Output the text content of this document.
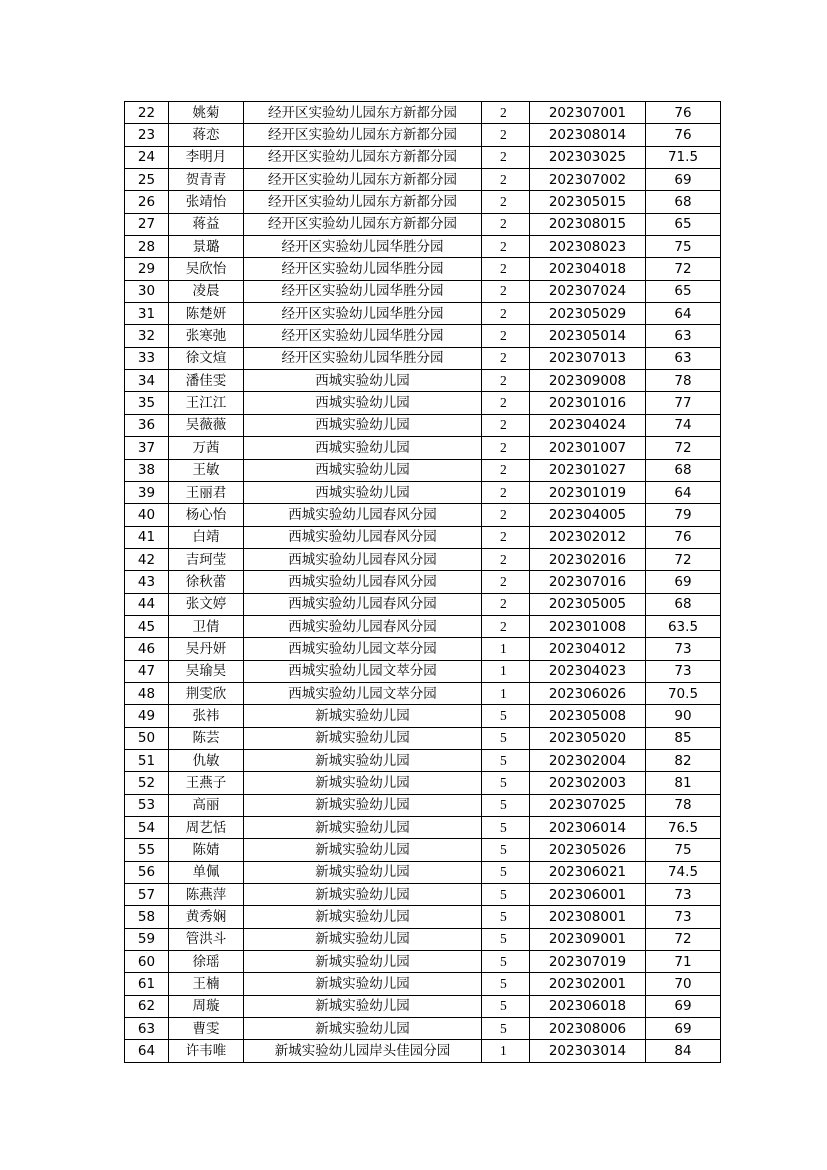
22	姚菊	经开区实验幼儿园东方新都分园	2	202307001	76
23	蒋恋	经开区实验幼儿园东方新都分园	2	202308014	76
24	李明月	经开区实验幼儿园东方新都分园	2	202303025	71.5
25	贺青青	经开区实验幼儿园东方新都分园	2	202307002	69
26	张靖怡	经开区实验幼儿园东方新都分园	2	202305015	68
27	蒋益	经开区实验幼儿园东方新都分园	2	202308015	65
28	景璐	经开区实验幼儿园华胜分园	2	202308023	75
29	吴欣怡	经开区实验幼儿园华胜分园	2	202304018	72
30	凌晨	经开区实验幼儿园华胜分园	2	202307024	65
31	陈楚妍	经开区实验幼儿园华胜分园	2	202305029	64
32	张寒弛	经开区实验幼儿园华胜分园	2	202305014	63
33	徐文煊	经开区实验幼儿园华胜分园	2	202307013	63
34	潘佳雯	西城实验幼儿园	2	202309008	78
35	王江江	西城实验幼儿园	2	202301016	77
36	吴薇薇	西城实验幼儿园	2	202304024	74
37	万茜	西城实验幼儿园	2	202301007	72
38	王敏	西城实验幼儿园	2	202301027	68
39	王丽君	西城实验幼儿园	2	202301019	64
40	杨心怡	西城实验幼儿园春风分园	2	202304005	79
41	白靖	西城实验幼儿园春风分园	2	202302012	76
42	吉珂莹	西城实验幼儿园春风分园	2	202302016	72
43	徐秋蕾	西城实验幼儿园春风分园	2	202307016	69
44	张文婷	西城实验幼儿园春风分园	2	202305005	68
45	卫倩	西城实验幼儿园春风分园	2	202301008	63.5
46	吴丹妍	西城实验幼儿园文萃分园	1	202304012	73
47	吴瑜昊	西城实验幼儿园文萃分园	1	202304023	73
48	荆雯欣	西城实验幼儿园文萃分园	1	202306026	70.5
49	张祎	新城实验幼儿园	5	202305008	90
50	陈芸	新城实验幼儿园	5	202305020	85
51	仇敏	新城实验幼儿园	5	202302004	82
52	王燕子	新城实验幼儿园	5	202302003	81
53	高丽	新城实验幼儿园	5	202307025	78
54	周艺恬	新城实验幼儿园	5	202306014	76.5
55	陈婧	新城实验幼儿园	5	202305026	75
56	单佩	新城实验幼儿园	5	202306021	74.5
57	陈燕萍	新城实验幼儿园	5	202306001	73
58	黄秀娴	新城实验幼儿园	5	202308001	73
59	管洪斗	新城实验幼儿园	5	202309001	72
60	徐瑶	新城实验幼儿园	5	202307019	71
61	王楠	新城实验幼儿园	5	202302001	70
62	周璇	新城实验幼儿园	5	202306018	69
63	曹雯	新城实验幼儿园	5	202308006	69
64	许韦唯	新城实验幼儿园岸头佳园分园	1	202303014	84
